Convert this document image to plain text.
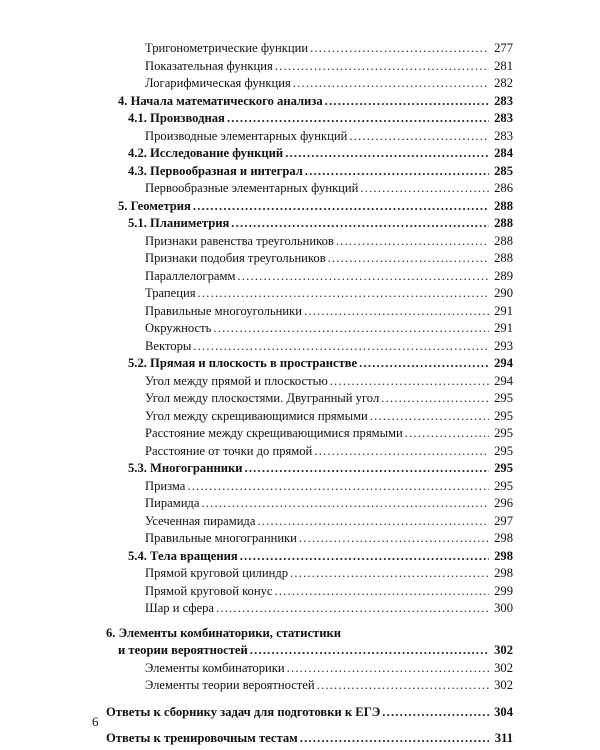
Тригонометрические функции .....	277
Показательная функция .....	281
Логарифмическая функция .....	282
4. Начала математического анализа .....	283
4.1. Производная .....	283
Производные элементарных функций .....	283
4.2. Исследование функций .....	284
4.3. Первообразная и интеграл .....	285
Первообразные элементарных функций .....	286
5. Геометрия .....	288
5.1. Планиметрия .....	288
Признаки равенства треугольников .....	288
Признаки подобия треугольников .....	288
Параллелограмм .....	289
Трапеция .....	290
Правильные многоугольники .....	291
Окружность .....	291
Векторы .....	293
5.2. Прямая и плоскость в пространстве .....	294
Угол между прямой и плоскостью .....	294
Угол между плоскостями. Двугранный угол .....	295
Угол между скрещивающимися прямыми .....	295
Расстояние между скрещивающимися прямыми .....	295
Расстояние от точки до прямой .....	295
5.3. Многогранники .....	295
Призма .....	295
Пирамида .....	296
Усеченная пирамида .....	297
Правильные многогранники .....	298
5.4. Тела вращения .....	298
Прямой круговой цилиндр .....	298
Прямой круговой конус .....	299
Шар и сфера .....	300
6. Элементы комбинаторики, статистики
и теории вероятностей .....	302
Элементы комбинаторики .....	302
Элементы теории вероятностей .....	302
Ответы к сборнику задач для подготовки к ЕГЭ .....	304
Ответы к тренировочным тестам .....	311
6
